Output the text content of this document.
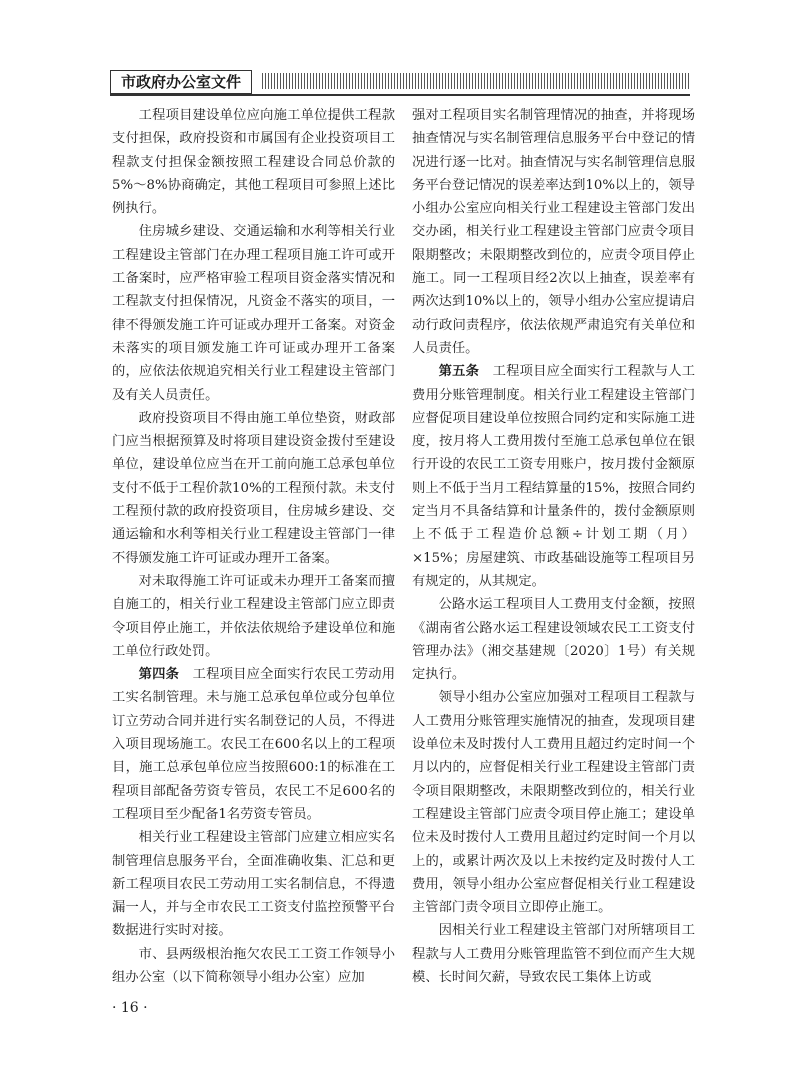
市政府办公室文件

工程项目建设单位应向施工单位提供工程款支付担保，政府投资和市属国有企业投资项目工程款支付担保金额按照工程建设合同总价款的5%～8%协商确定，其他工程项目可参照上述比例执行。

住房城乡建设、交通运输和水利等相关行业工程建设主管部门在办理工程项目施工许可或开工备案时，应严格审验工程项目资金落实情况和工程款支付担保情况，凡资金不落实的项目，一律不得颁发施工许可证或办理开工备案。对资金未落实的项目颁发施工许可证或办理开工备案的，应依法依规追究相关行业工程建设主管部门及有关人员责任。

政府投资项目不得由施工单位垫资，财政部门应当根据预算及时将项目建设资金拨付至建设单位，建设单位应当在开工前向施工总承包单位支付不低于工程价款10%的工程预付款。未支付工程预付款的政府投资项目，住房城乡建设、交通运输和水利等相关行业工程建设主管部门一律不得颁发施工许可证或办理开工备案。

对未取得施工许可证或未办理开工备案而擅自施工的，相关行业工程建设主管部门应立即责令项目停止施工，并依法依规给予建设单位和施工单位行政处罚。

第四条　工程项目应全面实行农民工劳动用工实名制管理。未与施工总承包单位或分包单位订立劳动合同并进行实名制登记的人员，不得进入项目现场施工。农民工在600名以上的工程项目，施工总承包单位应当按照600:1的标准在工程项目部配备劳资专管员，农民工不足600名的工程项目至少配备1名劳资专管员。

相关行业工程建设主管部门应建立相应实名制管理信息服务平台，全面准确收集、汇总和更新工程项目农民工劳动用工实名制信息，不得遗漏一人，并与全市农民工工资支付监控预警平台数据进行实时对接。

市、县两级根治拖欠农民工工资工作领导小组办公室（以下简称领导小组办公室）应加

强对工程项目实名制管理情况的抽查，并将现场抽查情况与实名制管理信息服务平台中登记的情况进行逐一比对。抽查情况与实名制管理信息服务平台登记情况的误差率达到10%以上的，领导小组办公室应向相关行业工程建设主管部门发出交办函，相关行业工程建设主管部门应责令项目限期整改；未限期整改到位的，应责令项目停止施工。同一工程项目经2次以上抽查，误差率有两次达到10%以上的，领导小组办公室应提请启动行政问责程序，依法依规严肃追究有关单位和人员责任。

第五条　工程项目应全面实行工程款与人工费用分账管理制度。相关行业工程建设主管部门应督促项目建设单位按照合同约定和实际施工进度，按月将人工费用拨付至施工总承包单位在银行开设的农民工工资专用账户，按月拨付金额原则上不低于当月工程结算量的15%，按照合同约定当月不具备结算和计量条件的，拨付金额原则上不低于工程造价总额÷计划工期（月）×15%；房屋建筑、市政基础设施等工程项目另有规定的，从其规定。

公路水运工程项目人工费用支付金额，按照《湖南省公路水运工程建设领域农民工工资支付管理办法》（湘交基建规〔2020〕1号）有关规定执行。

领导小组办公室应加强对工程项目工程款与人工费用分账管理实施情况的抽查，发现项目建设单位未及时拨付人工费用且超过约定时间一个月以内的，应督促相关行业工程建设主管部门责令项目限期整改，未限期整改到位的，相关行业工程建设主管部门应责令项目停止施工；建设单位未及时拨付人工费用且超过约定时间一个月以上的，或累计两次及以上未按约定及时拨付人工费用，领导小组办公室应督促相关行业工程建设主管部门责令项目立即停止施工。

因相关行业工程建设主管部门对所辖项目工程款与人工费用分账管理监管不到位而产生大规模、长时间欠薪，导致农民工集体上访或

· 16 ·
